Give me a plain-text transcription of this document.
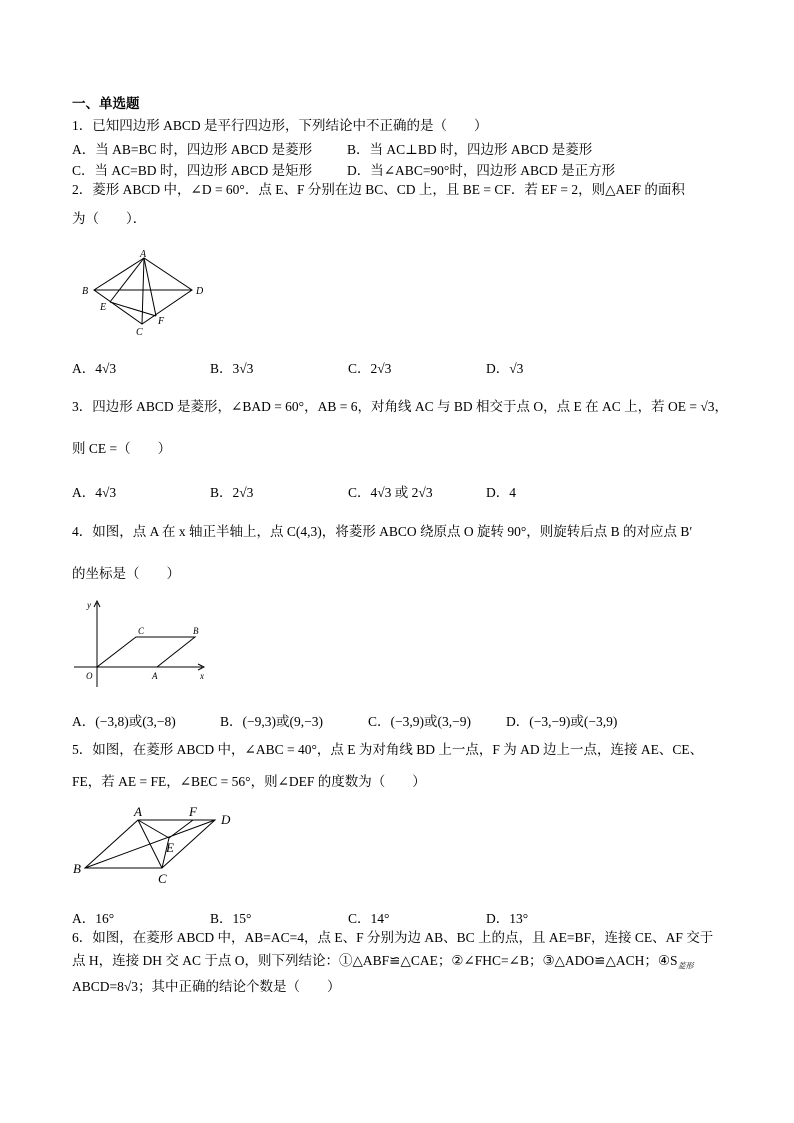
一、单选题
1．已知四边形 ABCD 是平行四边形，下列结论中不正确的是（　　）
A．当 AB=BC 时，四边形 ABCD 是菱形	B．当 AC⊥BD 时，四边形 ABCD 是菱形
C．当 AC=BD 时，四边形 ABCD 是矩形	D．当∠ABC=90°时，四边形 ABCD 是正方形
2．菱形 ABCD 中，∠D = 60°．点 E、F 分别在边 BC、CD 上，且 BE = CF．若 EF = 2，则△AEF 的面积
为（　　）．
A
B
C
D
E
F
A．4√3	B．3√3	C．2√3	D．√3
3．四边形 ABCD 是菱形，∠BAD = 60°，AB = 6，对角线 AC 与 BD 相交于点 O，点 E 在 AC 上，若 OE = √3，
则 CE =（　　）
A．4√3	B．2√3	C．4√3 或 2√3	D．4
4．如图，点 A 在 x 轴正半轴上，点 C(4,3)，将菱形 ABCO 绕原点 O 旋转 90°，则旋转后点 B 的对应点 B′
的坐标是（　　）
y
x
O	A
B
C
A．(−3,8)或(3,−8)	B．(−9,3)或(9,−3)	C．(−3,9)或(3,−9)	D．(−3,−9)或(−3,9)
5．如图，在菱形 ABCD 中，∠ABC = 40°，点 E 为对角线 BD 上一点，F 为 AD 边上一点，连接 AE、CE、
FE，若 AE = FE，∠BEC = 56°，则∠DEF 的度数为（　　）
A
B
C
D
E
F
A．16°	B．15°	C．14°	D．13°
6．如图，在菱形 ABCD 中，AB=AC=4，点 E、F 分别为边 AB、BC 上的点，且 AE=BF，连接 CE、AF 交于
点 H，连接 DH 交 AC 于点 O，则下列结论：①△ABF≌△CAE；②∠FHC=∠B；③△ADO≌△ACH；$④S_{菱形}$
ABCD=8√3；其中正确的结论个数是（　　）
